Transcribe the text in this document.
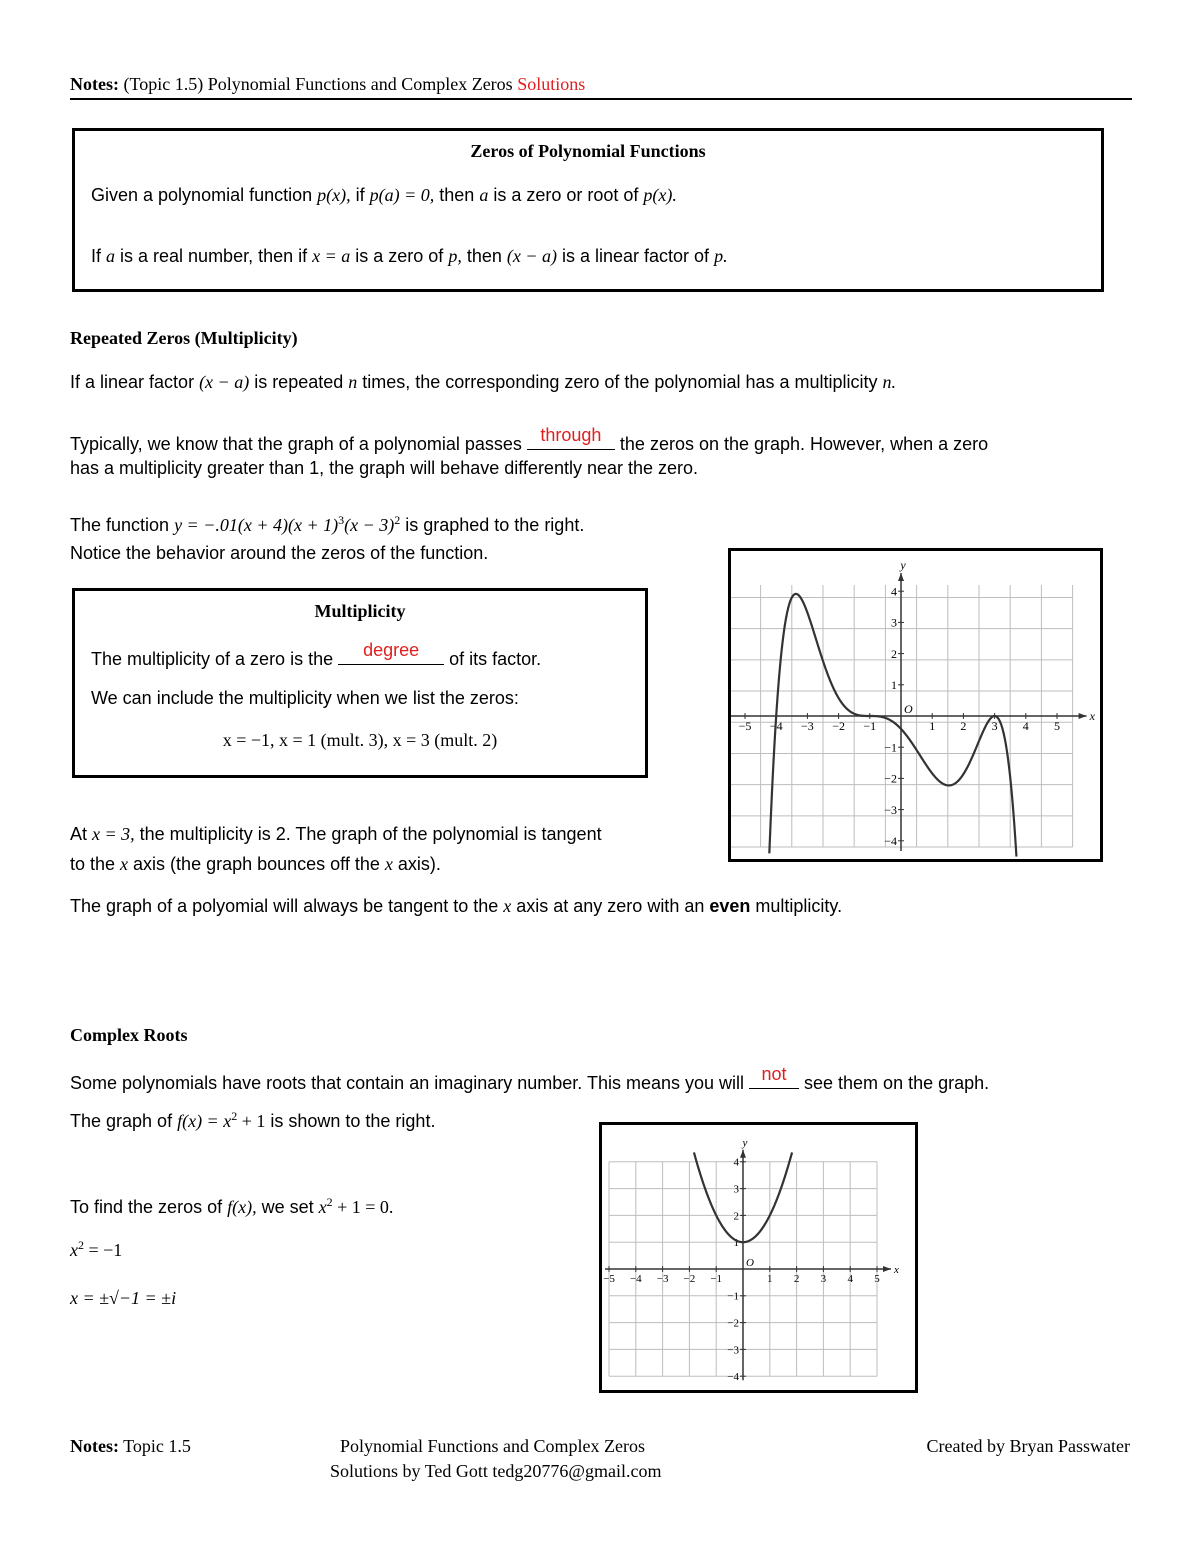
Notes: (Topic 1.5) Polynomial Functions and Complex Zeros Solutions
Zeros of Polynomial Functions
Given a polynomial function p(x), if p(a) = 0, then a is a zero or root of p(x).
If a is a real number, then if x = a is a zero of p, then (x − a) is a linear factor of p.
Repeated Zeros (Multiplicity)
If a linear factor (x − a) is repeated n times, the corresponding zero of the polynomial has a multiplicity n.
Typically, we know that the graph of a polynomial passes through the zeros on the graph. However, when a zero
has a multiplicity greater than 1, the graph will behave differently near the zero.
The function $y = -.01(x + 4)(x + 1)^3(x - 3)^2$ is graphed to the right.
Notice the behavior around the zeros of the function.
Multiplicity
The multiplicity of a zero is the	degree	of its factor.
We can include the multiplicity when we list the zeros:
x = −1, x = 1 (mult. 3), x = 3 (mult. 2)
x
y
O
−5 −4 −3 −2 −1	1 2 3 4 5
4
3
2
1
−1
−2
−3
−4
At x = 3, the multiplicity is 2. The graph of the polynomial is tangent
to the x axis (the graph bounces off the x axis).
The graph of a polyomial will always be tangent to the x axis at any zero with an even multiplicity.
Complex Roots
Some polynomials have roots that contain an imaginary number. This means you will not see them on the graph.
The graph of $f(x) = x^2 + 1$ is shown to the right.
To find the zeros of f(x), we set $x^2 + 1 = 0$.
$x^2 = -1$
x = ±√−1 = ±i
x
y
O
−5 −4 −3 −2 −1	1 2 3 4 5
4
3
2
1
−1
−2
−3
−4
Notes: Topic 1.5	Polynomial Functions and Complex Zeros	Created by Bryan Passwater
Solutions by Ted Gott tedg20776@gmail.com
